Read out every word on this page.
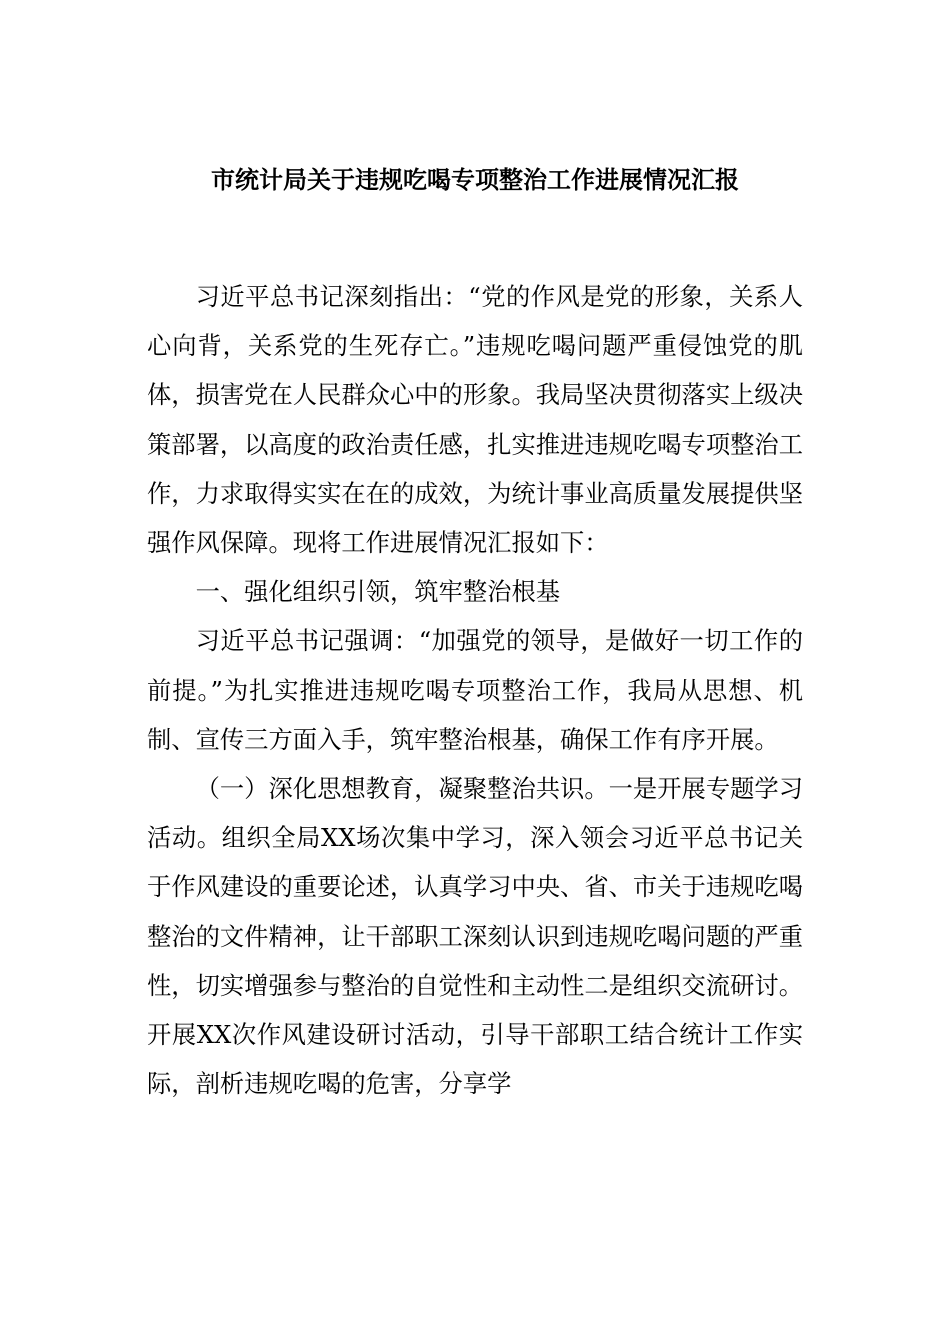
市统计局关于违规吃喝专项整治工作进展情况汇报

习近平总书记深刻指出：“党的作风是党的形象，关系人心向背，关系党的生死存亡。”违规吃喝问题严重侵蚀党的肌体，损害党在人民群众心中的形象。我局坚决贯彻落实上级决策部署，以高度的政治责任感，扎实推进违规吃喝专项整治工作，力求取得实实在在的成效，为统计事业高质量发展提供坚强作风保障。现将工作进展情况汇报如下：

一、强化组织引领，筑牢整治根基

习近平总书记强调：“加强党的领导，是做好一切工作的前提。”为扎实推进违规吃喝专项整治工作，我局从思想、机制、宣传三方面入手，筑牢整治根基，确保工作有序开展。

（一）深化思想教育，凝聚整治共识。一是开展专题学习活动。组织全局XX场次集中学习，深入领会习近平总书记关于作风建设的重要论述，认真学习中央、省、市关于违规吃喝整治的文件精神，让干部职工深刻认识到违规吃喝问题的严重性，切实增强参与整治的自觉性和主动性二是组织交流研讨。开展XX次作风建设研讨活动，引导干部职工结合统计工作实际，剖析违规吃喝的危害，分享学
